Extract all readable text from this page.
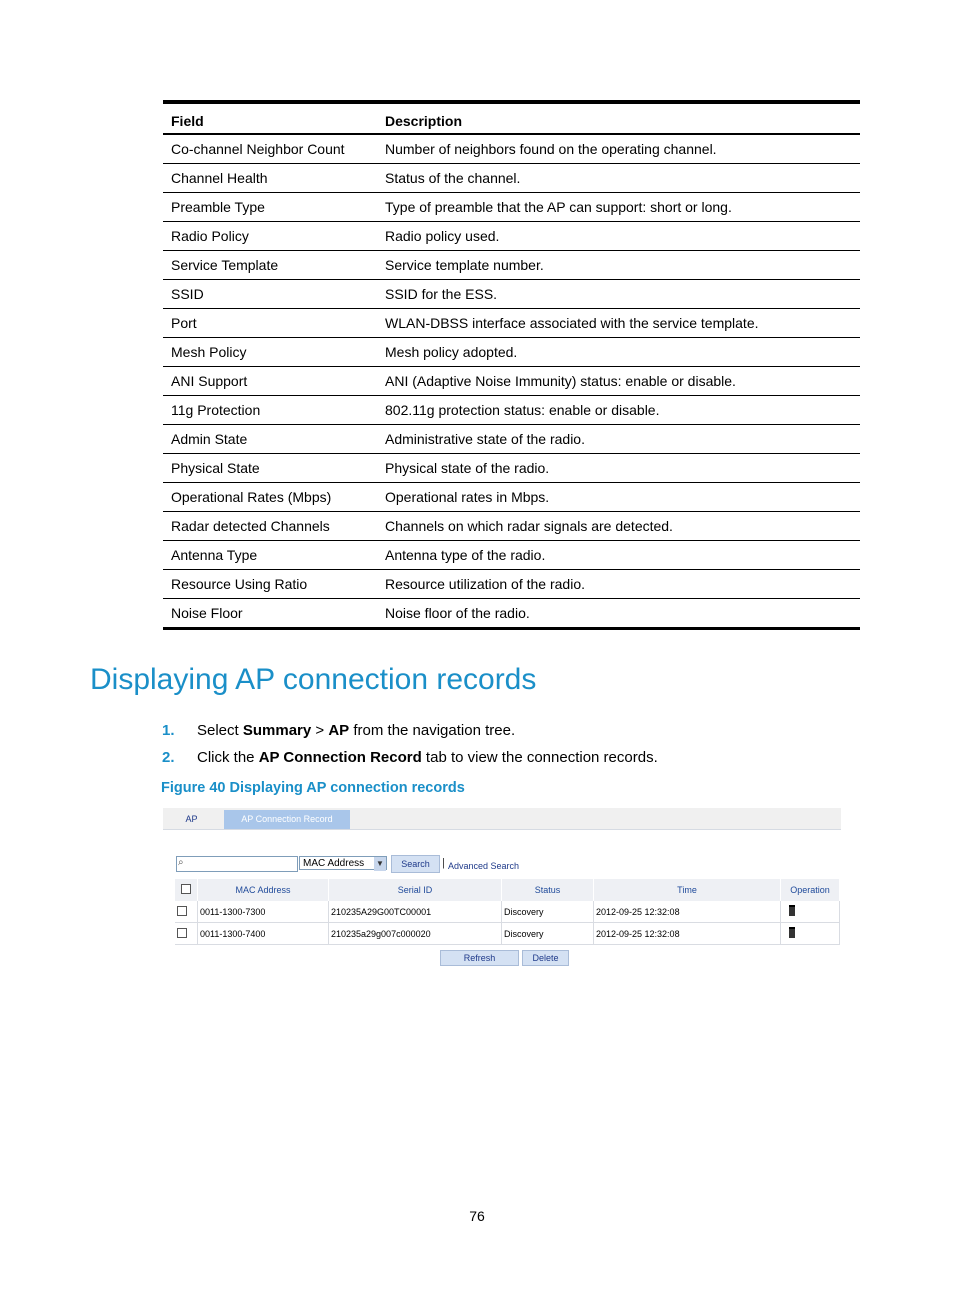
Field	Description
Co-channel Neighbor Count	Number of neighbors found on the operating channel.
Channel Health	Status of the channel.
Preamble Type	Type of preamble that the AP can support: short or long.
Radio Policy	Radio policy used.
Service Template	Service template number.
SSID	SSID for the ESS.
Port	WLAN-DBSS interface associated with the service template.
Mesh Policy	Mesh policy adopted.
ANI Support	ANI (Adaptive Noise Immunity) status: enable or disable.
11g Protection	802.11g protection status: enable or disable.
Admin State	Administrative state of the radio.
Physical State	Physical state of the radio.
Operational Rates (Mbps)	Operational rates in Mbps.
Radar detected Channels	Channels on which radar signals are detected.
Antenna Type	Antenna type of the radio.
Resource Using Ratio	Resource utilization of the radio.
Noise Floor	Noise floor of the radio.
Displaying AP connection records
1. Select Summary > AP from the navigation tree.
2. Click the AP Connection Record tab to view the connection records.
Figure 40 Displaying AP connection records
AP	AP Connection Record
⌕	MAC Address ▼	Search	| Advanced Search
	MAC Address	Serial ID	Status	Time	Operation
	0011-1300-7300	210235A29G00TC00001	Discovery	2012-09-25 12:32:08	
	0011-1300-7400	210235a29g007c000020	Discovery	2012-09-25 12:32:08	
Refresh	Delete
76
